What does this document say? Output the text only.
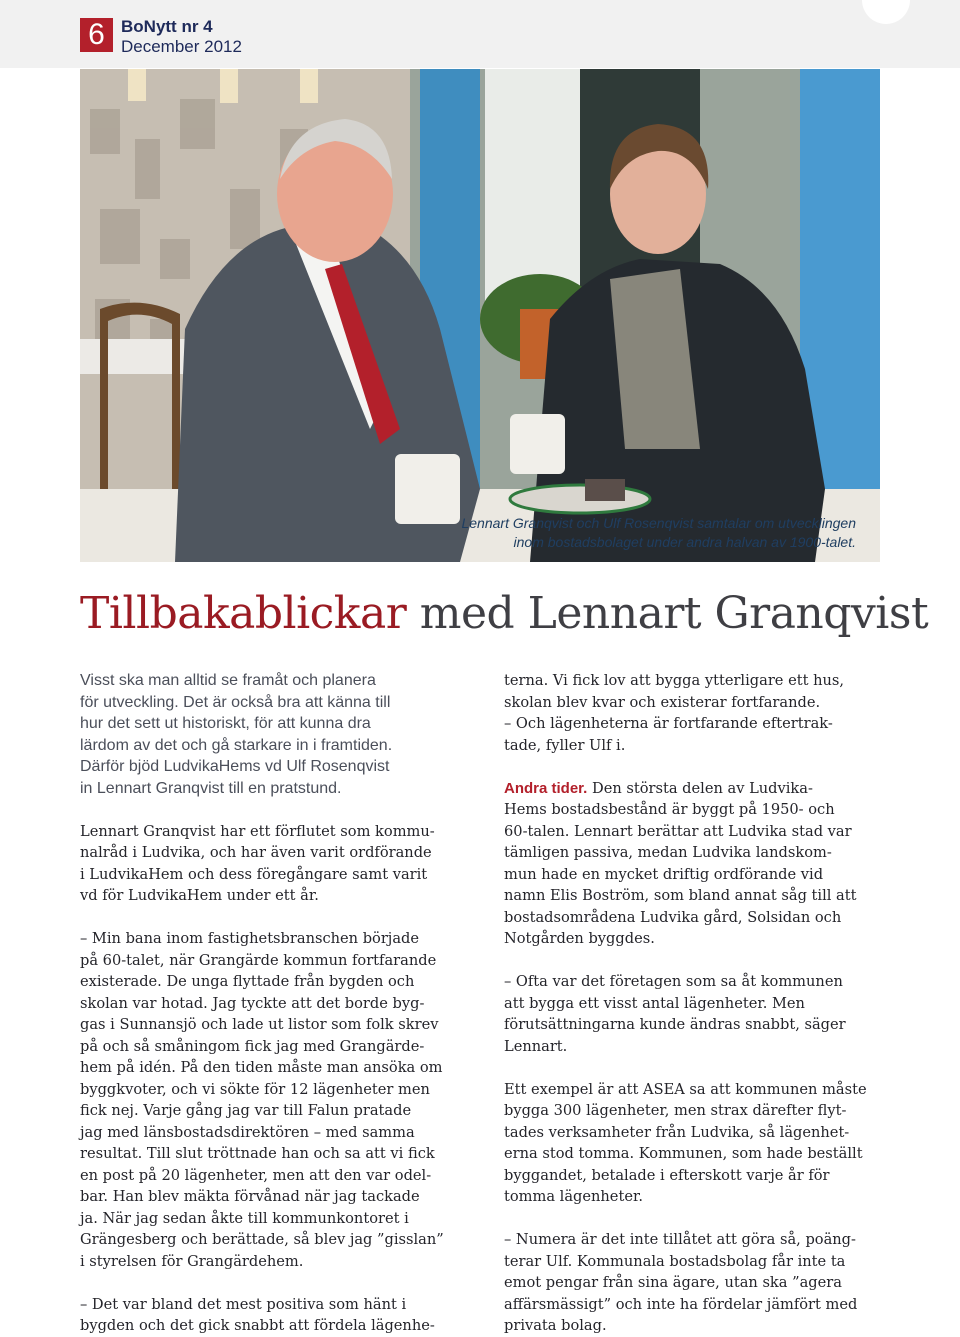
6 BoNytt nr 4
December 2012
Lennart Granqvist och Ulf Rosenqvist samtalar om utvecklingen
inom bostadsbolaget under andra halvan av 1900-talet.
Tillbakablickar med Lennart Granqvist
Visst ska man alltid se framåt och planera
för utveckling. Det är också bra att känna till
hur det sett ut historiskt, för att kunna dra
lärdom av det och gå starkare in i framtiden.
Därför bjöd LudvikaHems vd Ulf Rosenqvist
in Lennart Granqvist till en pratstund.
Lennart Granqvist har ett förflutet som kommu-
nalråd i Ludvika, och har även varit ordförande
i LudvikaHem och dess föregångare samt varit
vd för LudvikaHem under ett år.
– Min bana inom fastighetsbranschen började
på 60-talet, när Grangärde kommun fortfarande
existerade. De unga flyttade från bygden och
skolan var hotad. Jag tyckte att det borde byg-
gas i Sunnansjö och lade ut listor som folk skrev
på och så småningom fick jag med Grangärde-
hem på idén. På den tiden måste man ansöka om
byggkvoter, och vi sökte för 12 lägenheter men
fick nej. Varje gång jag var till Falun pratade
jag med länsbostadsdirektören – med samma
resultat. Till slut tröttnade han och sa att vi fick
en post på 20 lägenheter, men att den var odel-
bar. Han blev mäkta förvånad när jag tackade
ja. När jag sedan åkte till kommunkontoret i
Grängesberg och berättade, så blev jag ”gisslan”
i styrelsen för Grangärdehem.
– Det var bland det mest positiva som hänt i
bygden och det gick snabbt att fördela lägenhe-
terna. Vi fick lov att bygga ytterligare ett hus,
skolan blev kvar och existerar fortfarande.
– Och lägenheterna är fortfarande eftertrak-
tade, fyller Ulf i.
Andra tider. Den största delen av Ludvika-
Hems bostadsbestånd är byggt på 1950- och
60-talen. Lennart berättar att Ludvika stad var
tämligen passiva, medan Ludvika landskom-
mun hade en mycket driftig ordförande vid
namn Elis Boström, som bland annat såg till att
bostadsområdena Ludvika gård, Solsidan och
Notgården byggdes.
– Ofta var det företagen som sa åt kommunen
att bygga ett visst antal lägenheter. Men
förutsättningarna kunde ändras snabbt, säger
Lennart.
Ett exempel är att ASEA sa att kommunen måste
bygga 300 lägenheter, men strax därefter flyt-
tades verksamheter från Ludvika, så lägenhet-
erna stod tomma. Kommunen, som hade beställt
byggandet, betalade i efterskott varje år för
tomma lägenheter.
– Numera är det inte tillåtet att göra så, poäng-
terar Ulf. Kommunala bostadsbolag får inte ta
emot pengar från sina ägare, utan ska ”agera
affärsmässigt” och inte ha fördelar jämfört med
privata bolag.
